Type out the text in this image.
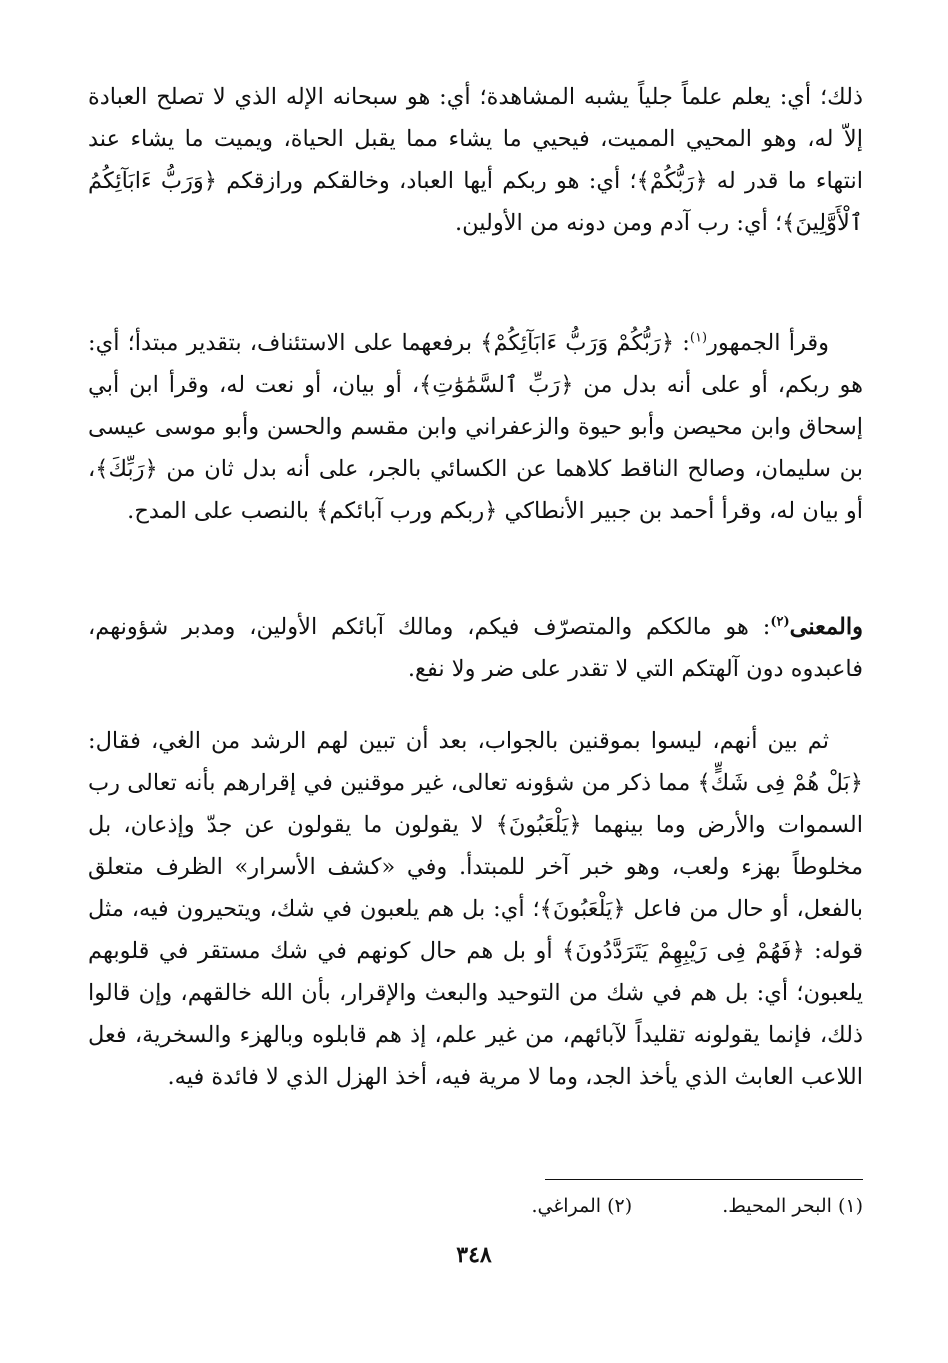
ذلك؛ أي: يعلم علماً جلياً يشبه المشاهدة؛ أي: هو سبحانه الإله الذي لا تصلح العبادة إلاّ له، وهو المحيي المميت، فيحيي ما يشاء مما يقبل الحياة، ويميت ما يشاء عند انتهاء ما قدر له ﴿رَبُّكُمْ﴾؛ أي: هو ربكم أيها العباد، وخالقكم ورازقكم ﴿وَرَبُّ ءَابَآئِكُمُ ٱلْأَوَّلِينَ﴾؛ أي: رب آدم ومن دونه من الأولين.
وقرأ الجمهور$^{(١)}$: ﴿رَبُّكُمْ وَرَبُّ ءَابَآئِكُمْ﴾ برفعهما على الاستئناف، بتقدير مبتدأ؛ أي: هو ربكم، أو على أنه بدل من ﴿رَبِّ ٱلسَّمَٰوَٰتِ﴾، أو بيان، أو نعت له، وقرأ ابن أبي إسحاق وابن محيصن وأبو حيوة والزعفراني وابن مقسم والحسن وأبو موسى عيسى بن سليمان، وصالح الناقط كلاهما عن الكسائي بالجر، على أنه بدل ثان من ﴿رَبِّكَ﴾، أو بيان له، وقرأ أحمد بن جبير الأنطاكي ﴿ربكم ورب آبائكم﴾ بالنصب على المدح.
والمعنى$^{(٢)}$: هو مالككم والمتصرّف فيكم، ومالك آبائكم الأولين، ومدبر شؤونهم، فاعبدوه دون آلهتكم التي لا تقدر على ضر ولا نفع.
ثم بين أنهم، ليسوا بموقنين بالجواب، بعد أن تبين لهم الرشد من الغي، فقال: ﴿بَلْ هُمْ فِى شَكٍّ﴾ مما ذكر من شؤونه تعالى، غير موقنين في إقرارهم بأنه تعالى رب السموات والأرض وما بينهما ﴿يَلْعَبُونَ﴾ لا يقولون ما يقولون عن جدّ وإذعان، بل مخلوطاً بهزء ولعب، وهو خبر آخر للمبتدأ. وفي «كشف الأسرار» الظرف متعلق بالفعل، أو حال من فاعل ﴿يَلْعَبُونَ﴾؛ أي: بل هم يلعبون في شك، ويتحيرون فيه، مثل قوله: ﴿فَهُمْ فِى رَيْبِهِمْ يَتَرَدَّدُونَ﴾ أو بل هم حال كونهم في شك مستقر في قلوبهم يلعبون؛ أي: بل هم في شك من التوحيد والبعث والإقرار، بأن الله خالقهم، وإن قالوا ذلك، فإنما يقولونه تقليداً لآبائهم، من غير علم، إذ هم قابلوه وبالهزء والسخرية، فعل اللاعب العابث الذي يأخذ الجد، وما لا مرية فيه، أخذ الهزل الذي لا فائدة فيه.
(١) البحر المحيط.(٢) المراغي.
٣٤٨
